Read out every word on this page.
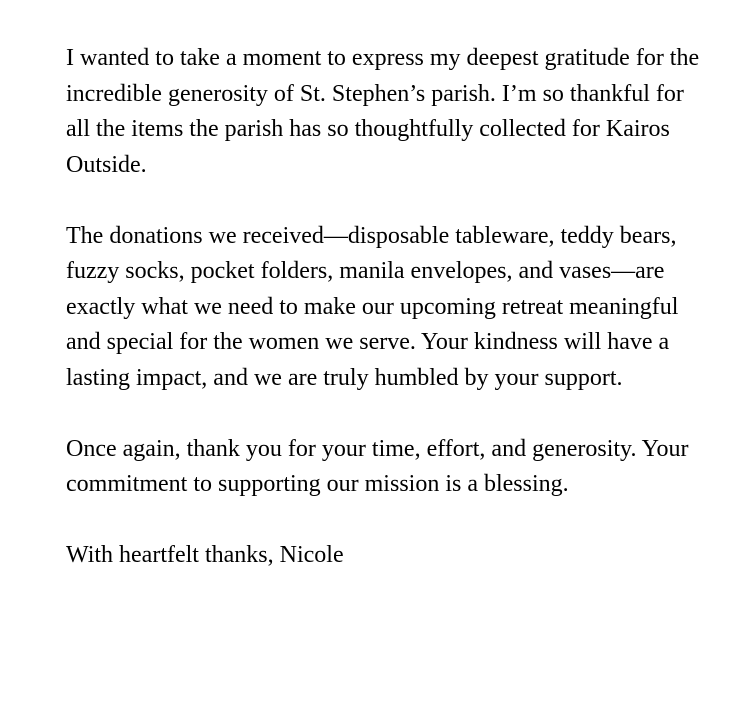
I wanted to take a moment to express my deepest gratitude for the incredible generosity of St. Stephen’s parish. I’m so thankful for all the items the parish has so thoughtfully collected for Kairos Outside.

The donations we received—disposable tableware, teddy bears, fuzzy socks, pocket folders, manila envelopes, and vases—are exactly what we need to make our upcoming retreat meaningful and special for the women we serve. Your kindness will have a lasting impact, and we are truly humbled by your support.

Once again, thank you for your time, effort, and generosity. Your commitment to supporting our mission is a blessing.

With heartfelt thanks, Nicole
